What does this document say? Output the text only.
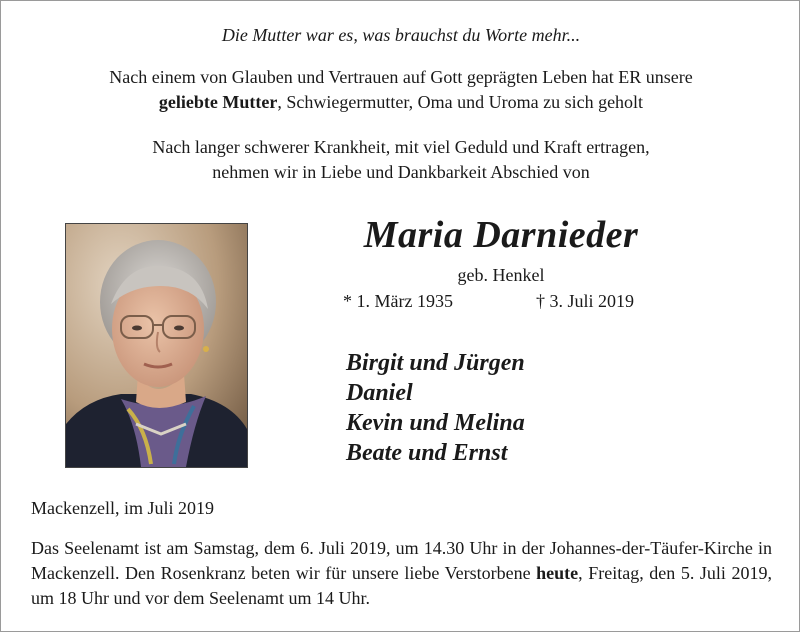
Die Mutter war es, was brauchst du Worte mehr...
Nach einem von Glauben und Vertrauen auf Gott geprägten Leben hat ER unsere
geliebte Mutter, Schwiegermutter, Oma und Uroma zu sich geholt
Nach langer schwerer Krankheit, mit viel Geduld und Kraft ertragen,
nehmen wir in Liebe und Dankbarkeit Abschied von
Maria Darnieder
geb. Henkel
* 1. März 1935	† 3. Juli 2019
Birgit und Jürgen
Daniel
Kevin und Melina
Beate und Ernst
Mackenzell, im Juli 2019
Das Seelenamt ist am Samstag, dem 6. Juli 2019, um 14.30 Uhr in der Johannes-der-Täufer-Kirche in Mackenzell. Den Rosenkranz beten wir für unsere liebe Verstorbene heute, Freitag, den 5. Juli 2019, um 18 Uhr und vor dem Seelenamt um 14 Uhr.
